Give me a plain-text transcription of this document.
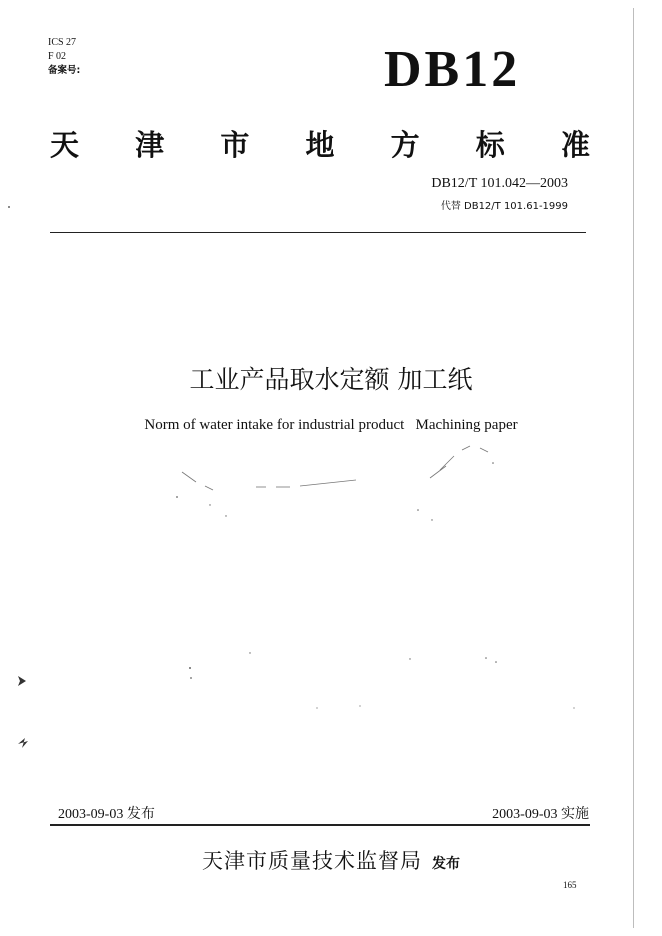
ICS 27
F 02
备案号:	DB12
天 津 市 地 方 标 准
DB12/T 101.042—2003
代替 DB12/T 101.61-1999
工业产品取水定额 加工纸
Norm of water intake for industrial product   Machining paper
2003-09-03 发布	2003-09-03 实施
天津市质量技术监督局 发布
165
